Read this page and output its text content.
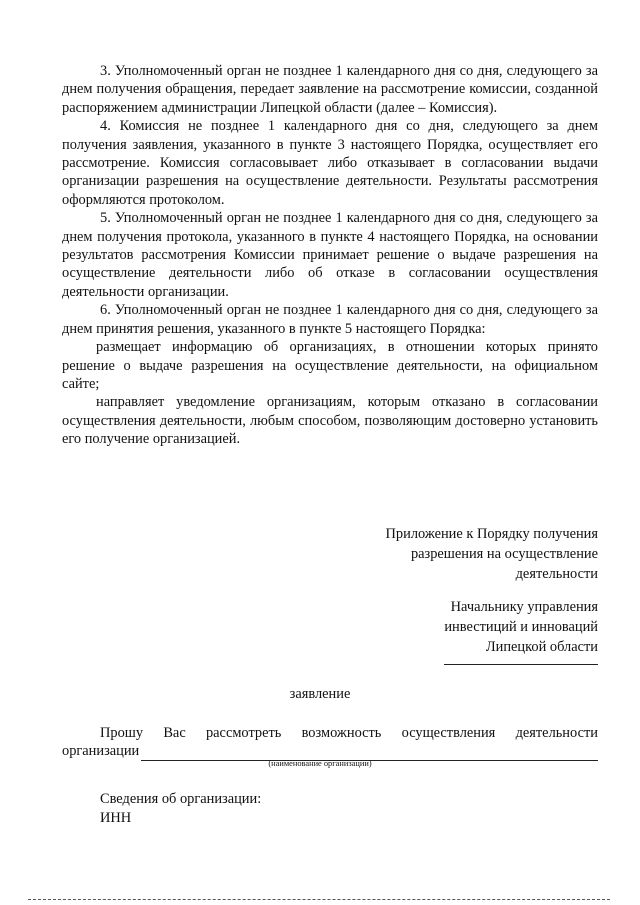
3. Уполномоченный орган не позднее 1 календарного дня со дня, следующего за днем получения обращения, передает заявление на рассмотрение комиссии, созданной распоряжением администрации Липецкой области (далее – Комиссия).

4. Комиссия не позднее 1 календарного дня со дня, следующего за днем получения заявления, указанного в пункте 3 настоящего Порядка, осуществляет его рассмотрение. Комиссия согласовывает либо отказывает в согласовании выдачи организации разрешения на осуществление деятельности. Результаты рассмотрения оформляются протоколом.

5. Уполномоченный орган не позднее 1 календарного дня со дня, следующего за днем получения протокола, указанного в пункте 4 настоящего Порядка, на основании результатов рассмотрения Комиссии принимает решение о выдаче разрешения на осуществление деятельности либо об отказе в согласовании осуществления деятельности организации.

6. Уполномоченный орган не позднее 1 календарного дня со дня, следующего за днем принятия решения, указанного в пункте 5 настоящего Порядка:

размещает информацию об организациях, в отношении которых принято решение о выдаче разрешения на осуществление деятельности, на официальном сайте;

направляет уведомление организациям, которым отказано в согласовании осуществления деятельности, любым способом, позволяющим достоверно установить его получение организацией.

Приложение к Порядку получения
разрешения на осуществление
деятельности
Начальнику управления
инвестиций и инноваций
Липецкой области
заявление
Прошу Вас рассмотреть возможность осуществления деятельности
организации
(наименование организации)
Сведения об организации:
ИНН
